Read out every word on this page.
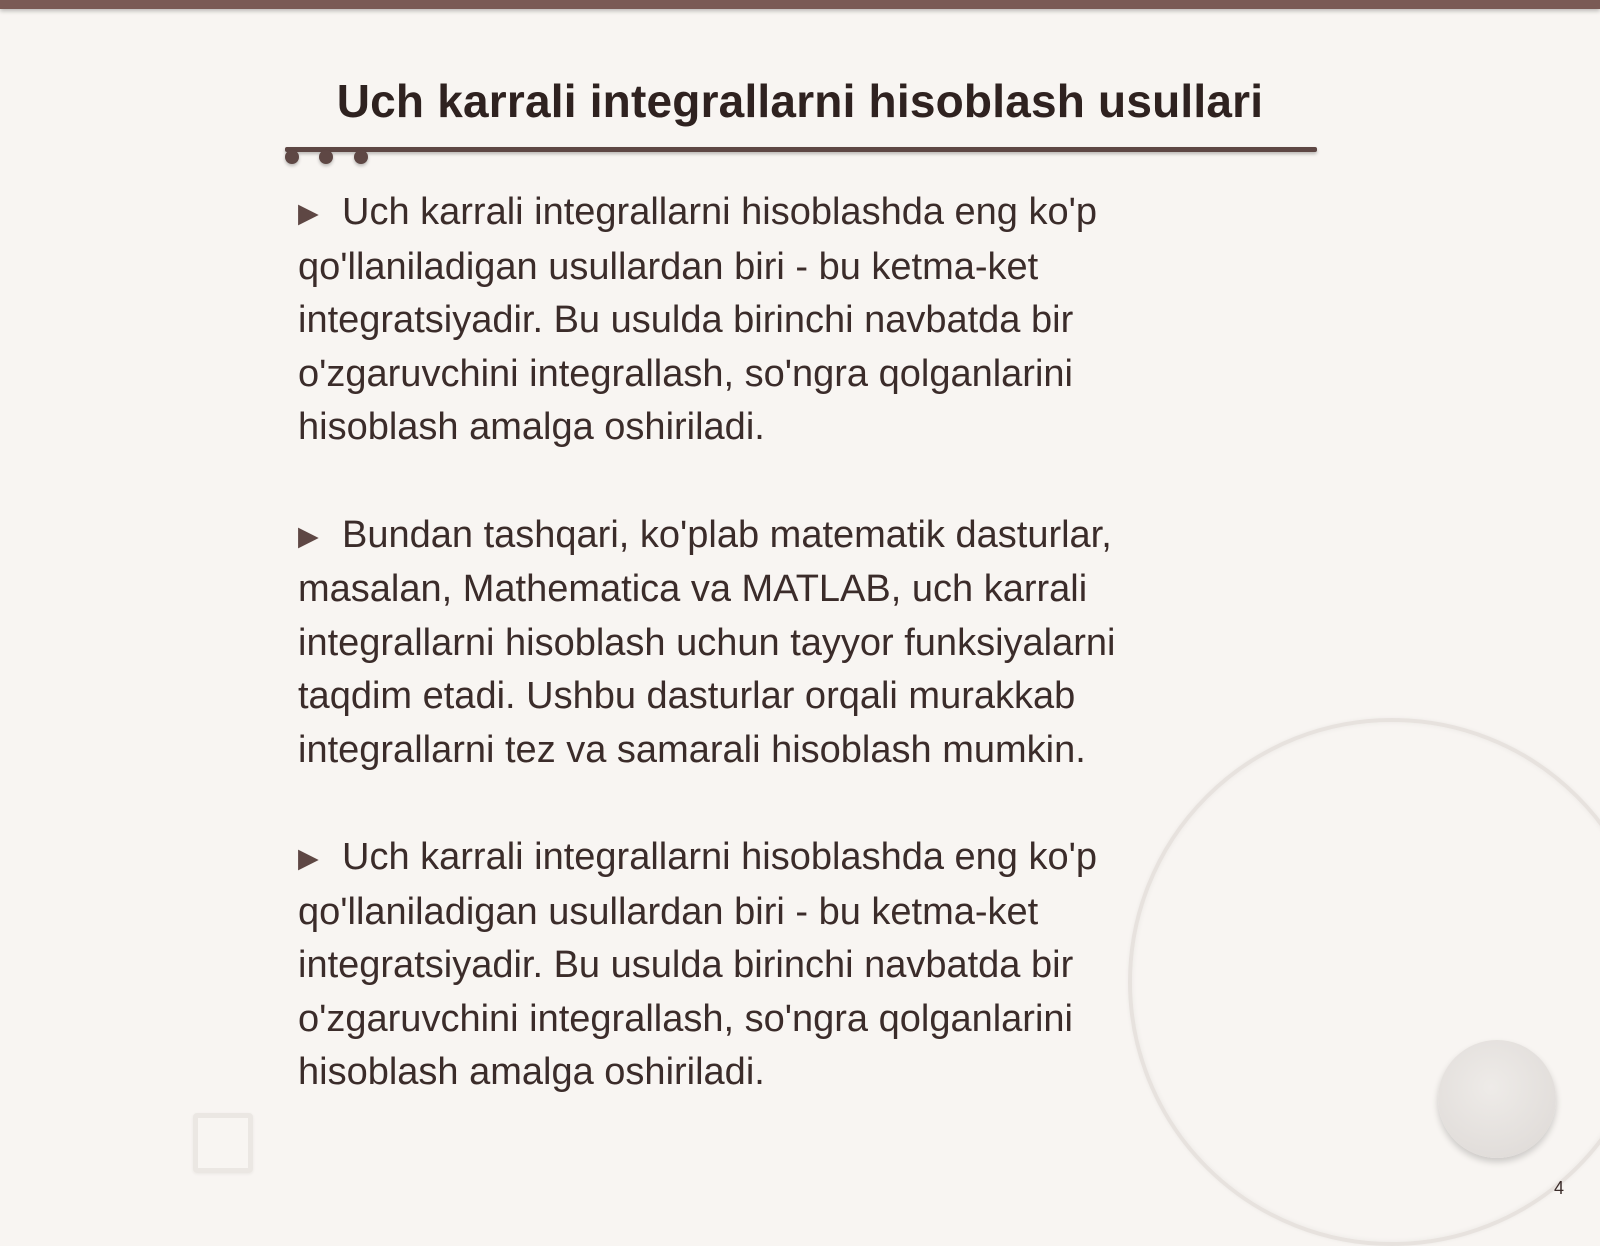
Uch karrali integrallarni hisoblash usullari
▶ Uch karrali integrallarni hisoblashda eng ko'p qo'llaniladigan usullardan biri - bu ketma-ket integratsiyadir. Bu usulda birinchi navbatda bir o'zgaruvchini integrallash, so'ngra qolganlarini hisoblash amalga oshiriladi.
▶ Bundan tashqari, ko'plab matematik dasturlar, masalan, Mathematica va MATLAB, uch karrali integrallarni hisoblash uchun tayyor funksiyalarni taqdim etadi. Ushbu dasturlar orqali murakkab integrallarni tez va samarali hisoblash mumkin.
▶ Uch karrali integrallarni hisoblashda eng ko'p qo'llaniladigan usullardan biri - bu ketma-ket integratsiyadir. Bu usulda birinchi navbatda bir o'zgaruvchini integrallash, so'ngra qolganlarini hisoblash amalga oshiriladi.
4
